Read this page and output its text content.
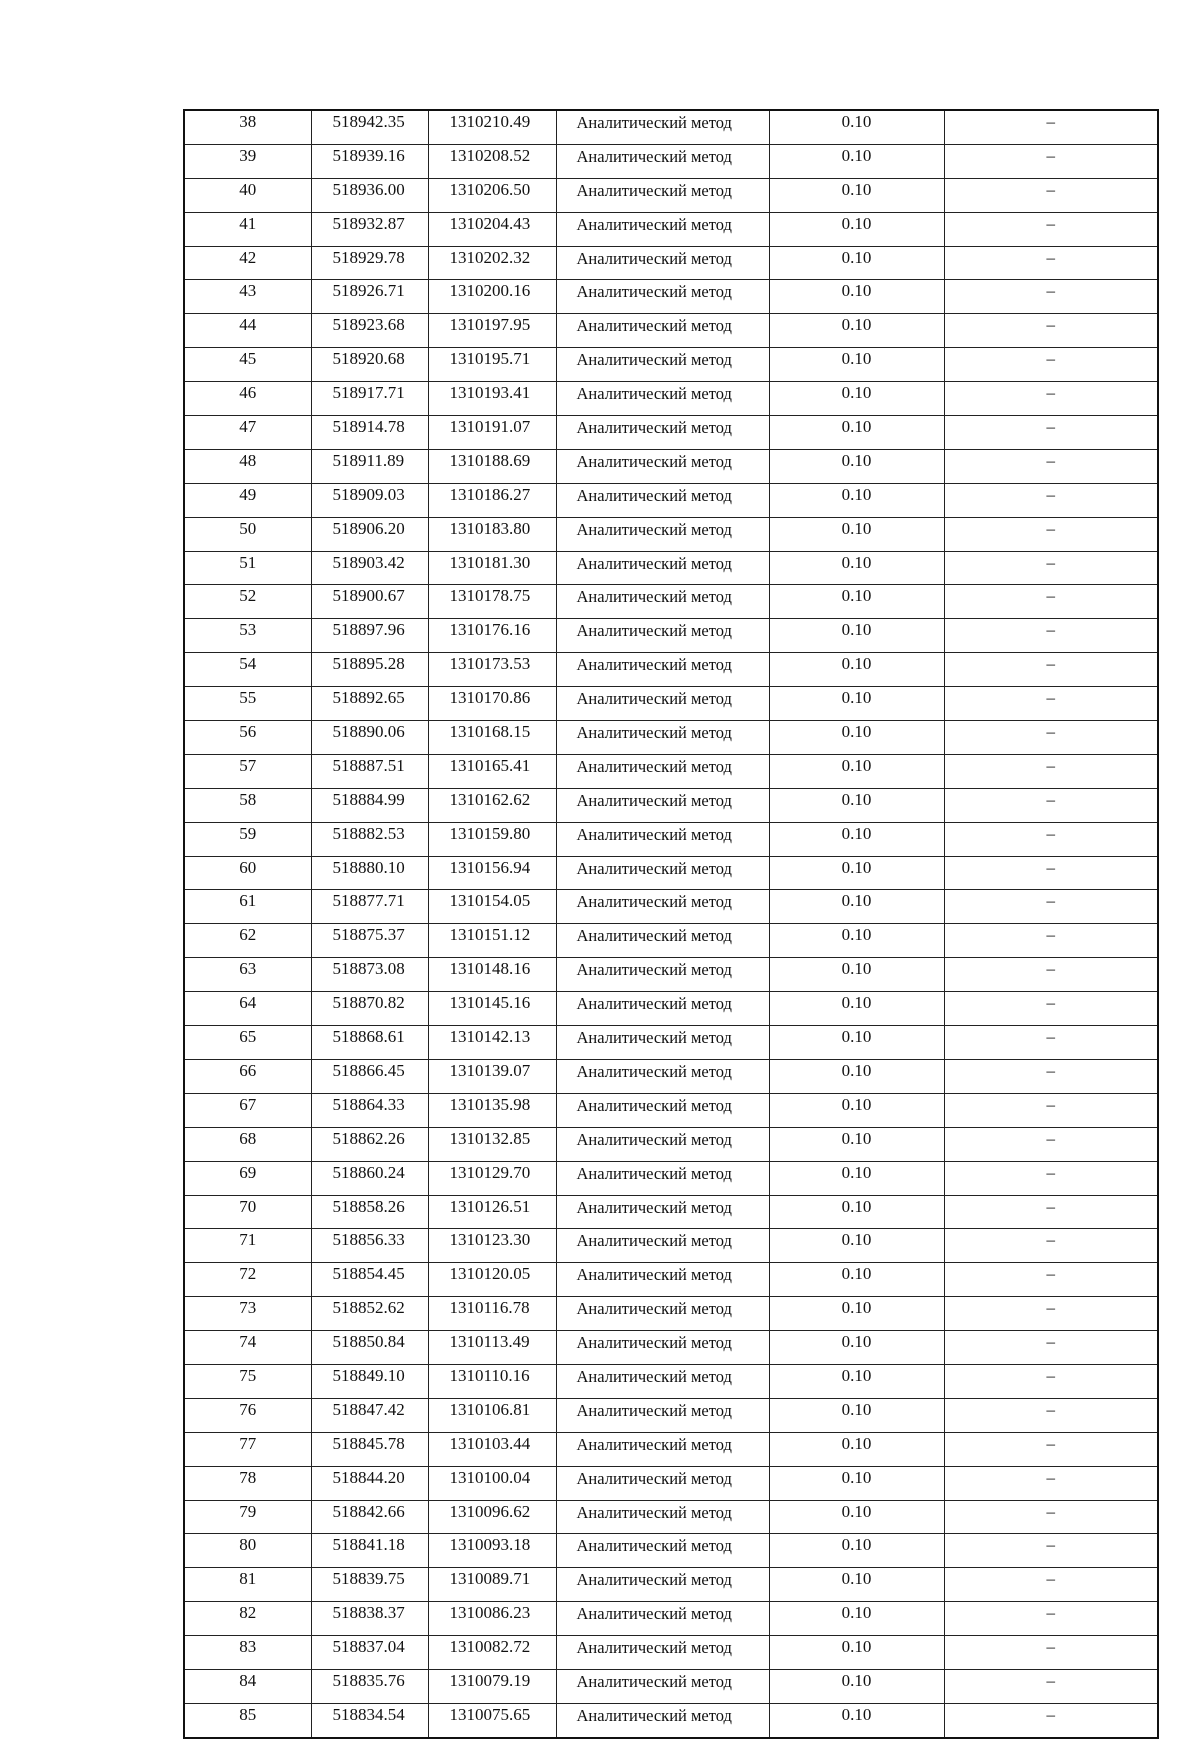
38	518942.35	1310210.49	Аналитический метод	0.10	–
39	518939.16	1310208.52	Аналитический метод	0.10	–
40	518936.00	1310206.50	Аналитический метод	0.10	–
41	518932.87	1310204.43	Аналитический метод	0.10	–
42	518929.78	1310202.32	Аналитический метод	0.10	–
43	518926.71	1310200.16	Аналитический метод	0.10	–
44	518923.68	1310197.95	Аналитический метод	0.10	–
45	518920.68	1310195.71	Аналитический метод	0.10	–
46	518917.71	1310193.41	Аналитический метод	0.10	–
47	518914.78	1310191.07	Аналитический метод	0.10	–
48	518911.89	1310188.69	Аналитический метод	0.10	–
49	518909.03	1310186.27	Аналитический метод	0.10	–
50	518906.20	1310183.80	Аналитический метод	0.10	–
51	518903.42	1310181.30	Аналитический метод	0.10	–
52	518900.67	1310178.75	Аналитический метод	0.10	–
53	518897.96	1310176.16	Аналитический метод	0.10	–
54	518895.28	1310173.53	Аналитический метод	0.10	–
55	518892.65	1310170.86	Аналитический метод	0.10	–
56	518890.06	1310168.15	Аналитический метод	0.10	–
57	518887.51	1310165.41	Аналитический метод	0.10	–
58	518884.99	1310162.62	Аналитический метод	0.10	–
59	518882.53	1310159.80	Аналитический метод	0.10	–
60	518880.10	1310156.94	Аналитический метод	0.10	–
61	518877.71	1310154.05	Аналитический метод	0.10	–
62	518875.37	1310151.12	Аналитический метод	0.10	–
63	518873.08	1310148.16	Аналитический метод	0.10	–
64	518870.82	1310145.16	Аналитический метод	0.10	–
65	518868.61	1310142.13	Аналитический метод	0.10	–
66	518866.45	1310139.07	Аналитический метод	0.10	–
67	518864.33	1310135.98	Аналитический метод	0.10	–
68	518862.26	1310132.85	Аналитический метод	0.10	–
69	518860.24	1310129.70	Аналитический метод	0.10	–
70	518858.26	1310126.51	Аналитический метод	0.10	–
71	518856.33	1310123.30	Аналитический метод	0.10	–
72	518854.45	1310120.05	Аналитический метод	0.10	–
73	518852.62	1310116.78	Аналитический метод	0.10	–
74	518850.84	1310113.49	Аналитический метод	0.10	–
75	518849.10	1310110.16	Аналитический метод	0.10	–
76	518847.42	1310106.81	Аналитический метод	0.10	–
77	518845.78	1310103.44	Аналитический метод	0.10	–
78	518844.20	1310100.04	Аналитический метод	0.10	–
79	518842.66	1310096.62	Аналитический метод	0.10	–
80	518841.18	1310093.18	Аналитический метод	0.10	–
81	518839.75	1310089.71	Аналитический метод	0.10	–
82	518838.37	1310086.23	Аналитический метод	0.10	–
83	518837.04	1310082.72	Аналитический метод	0.10	–
84	518835.76	1310079.19	Аналитический метод	0.10	–
85	518834.54	1310075.65	Аналитический метод	0.10	–
